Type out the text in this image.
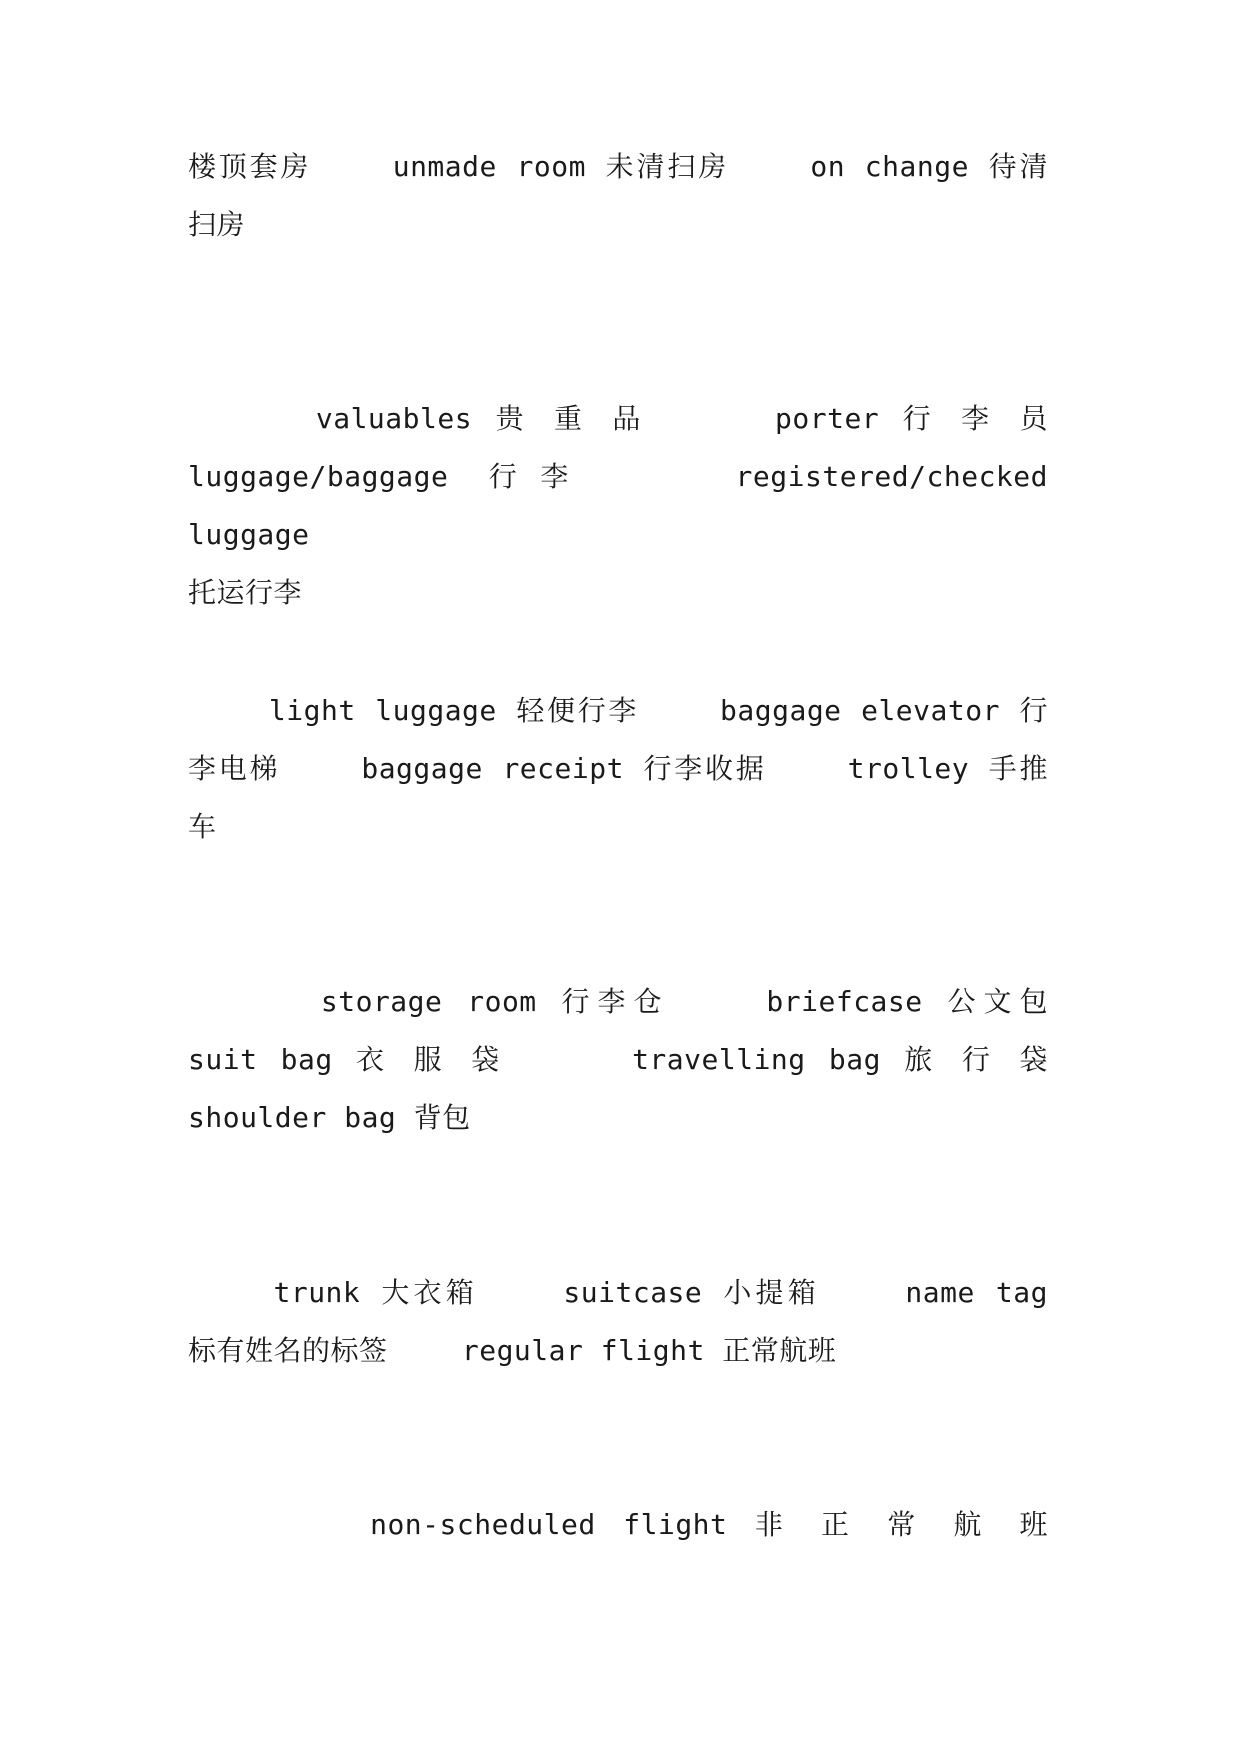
楼顶套房　　 unmade room 未清扫房　　 on change 待清
扫房

　　　 valuables 贵 重 品　　　 porter 行 李 员
luggage/baggage 行李　　 registered/checked luggage
托运行李

　　 light luggage 轻便行李　　 baggage elevator 行
李电梯　　 baggage receipt 行李收据　　 trolley 手推
车

　　　 storage room 行李仓　　 briefcase 公文包
suit bag 衣 服 袋　　　 travelling bag 旅 行 袋
shoulder bag 背包

　　 trunk 大衣箱　　 suitcase 小提箱　　 name tag
标有姓名的标签　　 regular flight 正常航班

　　　　 non-scheduled flight 非 正 常 航 班
